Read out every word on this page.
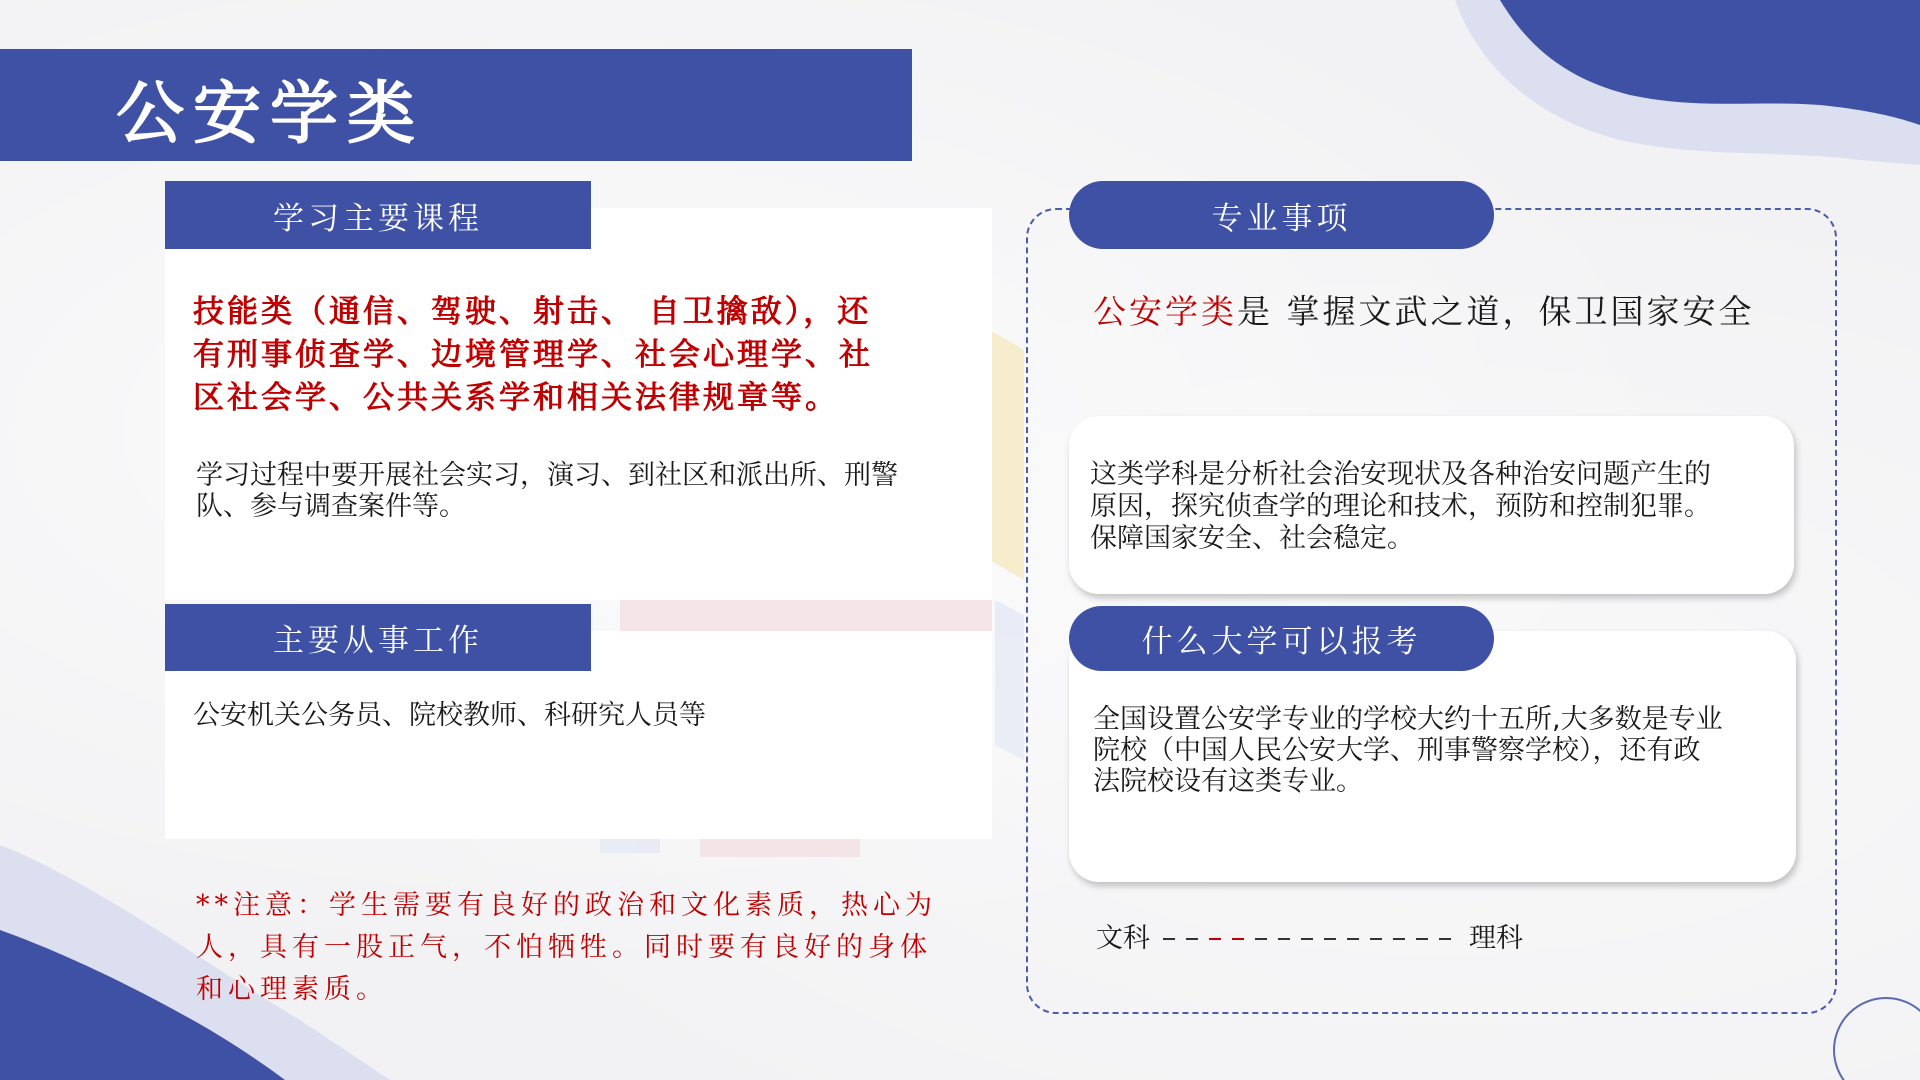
公安学类
学习主要课程
技能类（通信、驾驶、射击、 自卫擒敌），还
有刑事侦查学、边境管理学、社会心理学、社
区社会学、公共关系学和相关法律规章等。
学习过程中要开展社会实习，演习、到社区和派出所、刑警
队、参与调查案件等。
主要从事工作
公安机关公务员、院校教师、科研究人员等
**注意：学生需要有良好的政治和文化素质，热心为
人，具有一股正气，不怕牺牲。同时要有良好的身体
和心理素质。
专业事项
公安学类是 掌握文武之道，保卫国家安全
这类学科是分析社会治安现状及各种治安问题产生的
原因，探究侦查学的理论和技术，预防和控制犯罪。
保障国家安全、社会稳定。
什么大学可以报考
全国设置公安学专业的学校大约十五所,大多数是专业
院校（中国人民公安大学、刑事警察学校），还有政
法院校设有这类专业。
文科	理科
